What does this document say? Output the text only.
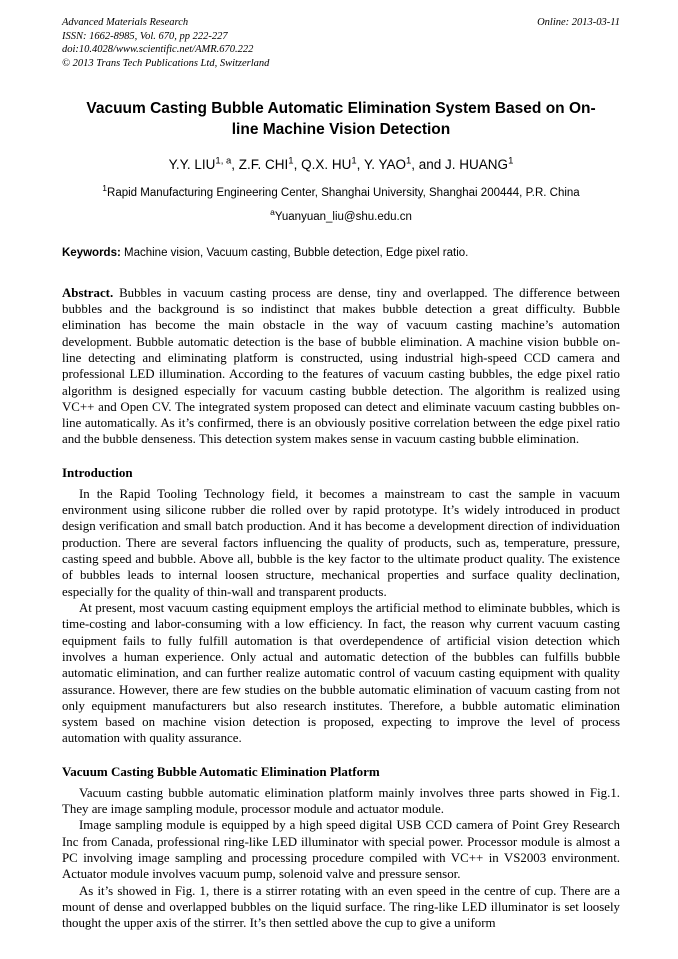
Advanced Materials Research
ISSN: 1662-8985, Vol. 670, pp 222-227
doi:10.4028/www.scientific.net/AMR.670.222
© 2013 Trans Tech Publications Ltd, Switzerland
Online: 2013-03-11
Vacuum Casting Bubble Automatic Elimination System Based on On-line Machine Vision Detection
Y.Y. LIU$^{1, a}$, Z.F. CHI$^1$, Q.X. $HU^1$, Y. YAO$^1$, and J. HUANG$^1$
$^1$Rapid Manufacturing Engineering Center, Shanghai University, Shanghai 200444, P.R. China
$^a$Yuanyuan_liu@shu.edu.cn
Keywords: Machine vision, Vacuum casting, Bubble detection, Edge pixel ratio.
Abstract. Bubbles in vacuum casting process are dense, tiny and overlapped. The difference between bubbles and the background is so indistinct that makes bubble detection a great difficulty. Bubble elimination has become the main obstacle in the way of vacuum casting machine’s automation development. Bubble automatic detection is the base of bubble elimination. A machine vision bubble on-line detecting and eliminating platform is constructed, using industrial high-speed CCD camera and professional LED illumination. According to the features of vacuum casting bubbles, the edge pixel ratio algorithm is designed especially for vacuum casting bubble detection. The algorithm is realized using VC++ and Open CV. The integrated system proposed can detect and eliminate vacuum casting bubbles on-line automatically. As it’s confirmed, there is an obviously positive correlation between the edge pixel ratio and the bubble denseness. This detection system makes sense in vacuum casting bubble elimination.
Introduction

In the Rapid Tooling Technology field, it becomes a mainstream to cast the sample in vacuum environment using silicone rubber die rolled over by rapid prototype. It’s widely introduced in product design verification and small batch production. And it has become a development direction of individuation production. There are several factors influencing the quality of products, such as, temperature, pressure, casting speed and bubble. Above all, bubble is the key factor to the ultimate product quality. The existence of bubbles leads to internal loosen structure, mechanical properties and surface quality declination, especially for the quality of thin-wall and transparent products.

At present, most vacuum casting equipment employs the artificial method to eliminate bubbles, which is time-costing and labor-consuming with a low efficiency. In fact, the reason why current vacuum casting equipment fails to fully fulfill automation is that overdependence of artificial vision detection which involves a human experience. Only actual and automatic detection of the bubbles can fulfills bubble automatic elimination, and can further realize automatic control of vacuum casting equipment with quality assurance. However, there are few studies on the bubble automatic elimination of vacuum casting from not only equipment manufacturers but also research institutes. Therefore, a bubble automatic elimination system based on machine vision detection is proposed, expecting to improve the level of process automation with quality assurance.

Vacuum Casting Bubble Automatic Elimination Platform

Vacuum casting bubble automatic elimination platform mainly involves three parts showed in Fig.1. They are image sampling module, processor module and actuator module.

Image sampling module is equipped by a high speed digital USB CCD camera of Point Grey Research Inc from Canada, professional ring-like LED illuminator with special power. Processor module is almost a PC involving image sampling and processing procedure compiled with VC++ in VS2003 environment. Actuator module involves vacuum pump, solenoid valve and pressure sensor.

As it’s showed in Fig. 1, there is a stirrer rotating with an even speed in the centre of cup. There are a mount of dense and overlapped bubbles on the liquid surface. The ring-like LED illuminator is set loosely thought the upper axis of the stirrer. It’s then settled above the cup to give a uniform
